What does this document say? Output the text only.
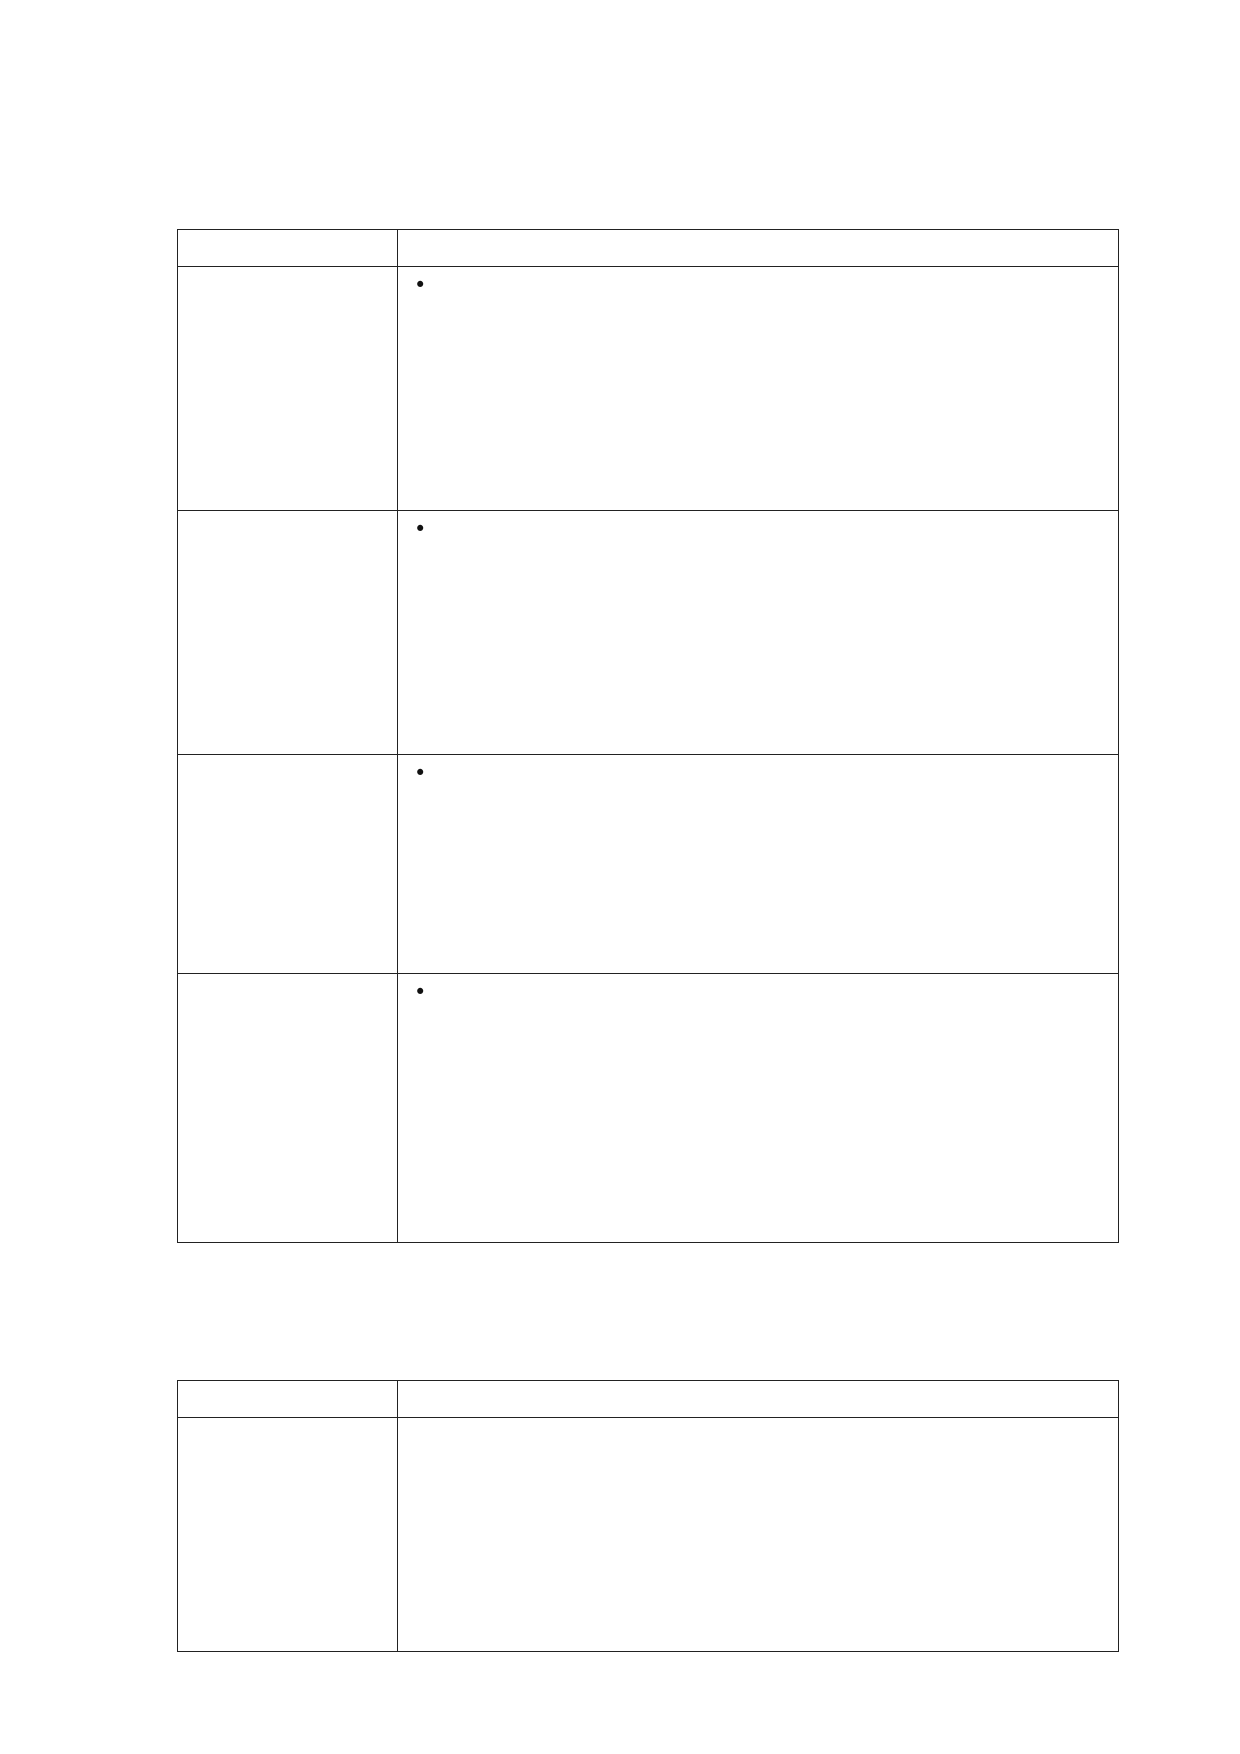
	•

	•

	•

	•
